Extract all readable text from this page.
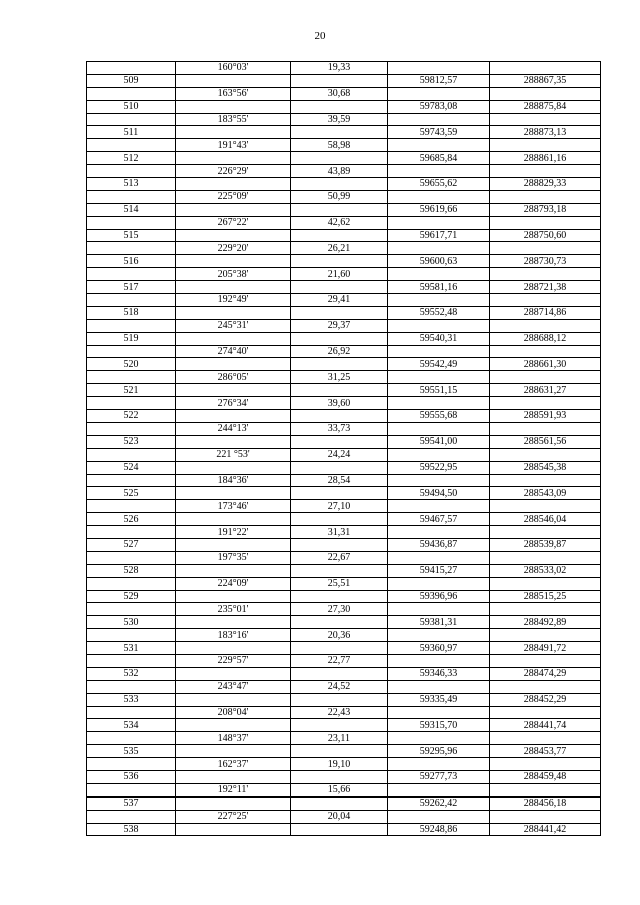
20
	160°03'	19,33		
509			59812,57	288867,35
	163°56'	30,68		
510			59783,08	288875,84
	183°55'	39,59		
511			59743,59	288873,13
	191°43'	58,98		
512			59685,84	288861,16
	226°29'	43,89		
513			59655,62	288829,33
	225°09'	50,99		
514			59619,66	288793,18
	267°22'	42,62		
515			59617,71	288750,60
	229°20'	26,21		
516			59600,63	288730,73
	205°38'	21,60		
517			59581,16	288721,38
	192°49'	29,41		
518			59552,48	288714,86
	245°31'	29,37		
519			59540,31	288688,12
	274°40'	26,92		
520			59542,49	288661,30
	286°05'	31,25		
521			59551,15	288631,27
	276°34'	39,60		
522			59555,68	288591,93
	244°13'	33,73		
523			59541,00	288561,56
	221 °53'	24,24		
524			59522,95	288545,38
	184°36'	28,54		
525			59494,50	288543,09
	173°46'	27,10		
526			59467,57	288546,04
	191°22'	31,31		
527			59436,87	288539,87
	197°35'	22,67		
528			59415,27	288533,02
	224°09'	25,51		
529			59396,96	288515,25
	235°01'	27,30		
530			59381,31	288492,89
	183°16'	20,36		
531			59360,97	288491,72
	229°57'	22,77		
532			59346,33	288474,29
	243°47'	24,52		
533			59335,49	288452,29
	208°04'	22,43		
534			59315,70	288441,74
	148°37'	23,11		
535			59295,96	288453,77
	162°37'	19,10		
536			59277,73	288459,48
	192°11'	15,66		
537			59262,42	288456,18
	227°25'	20,04		
538			59248,86	288441,42
